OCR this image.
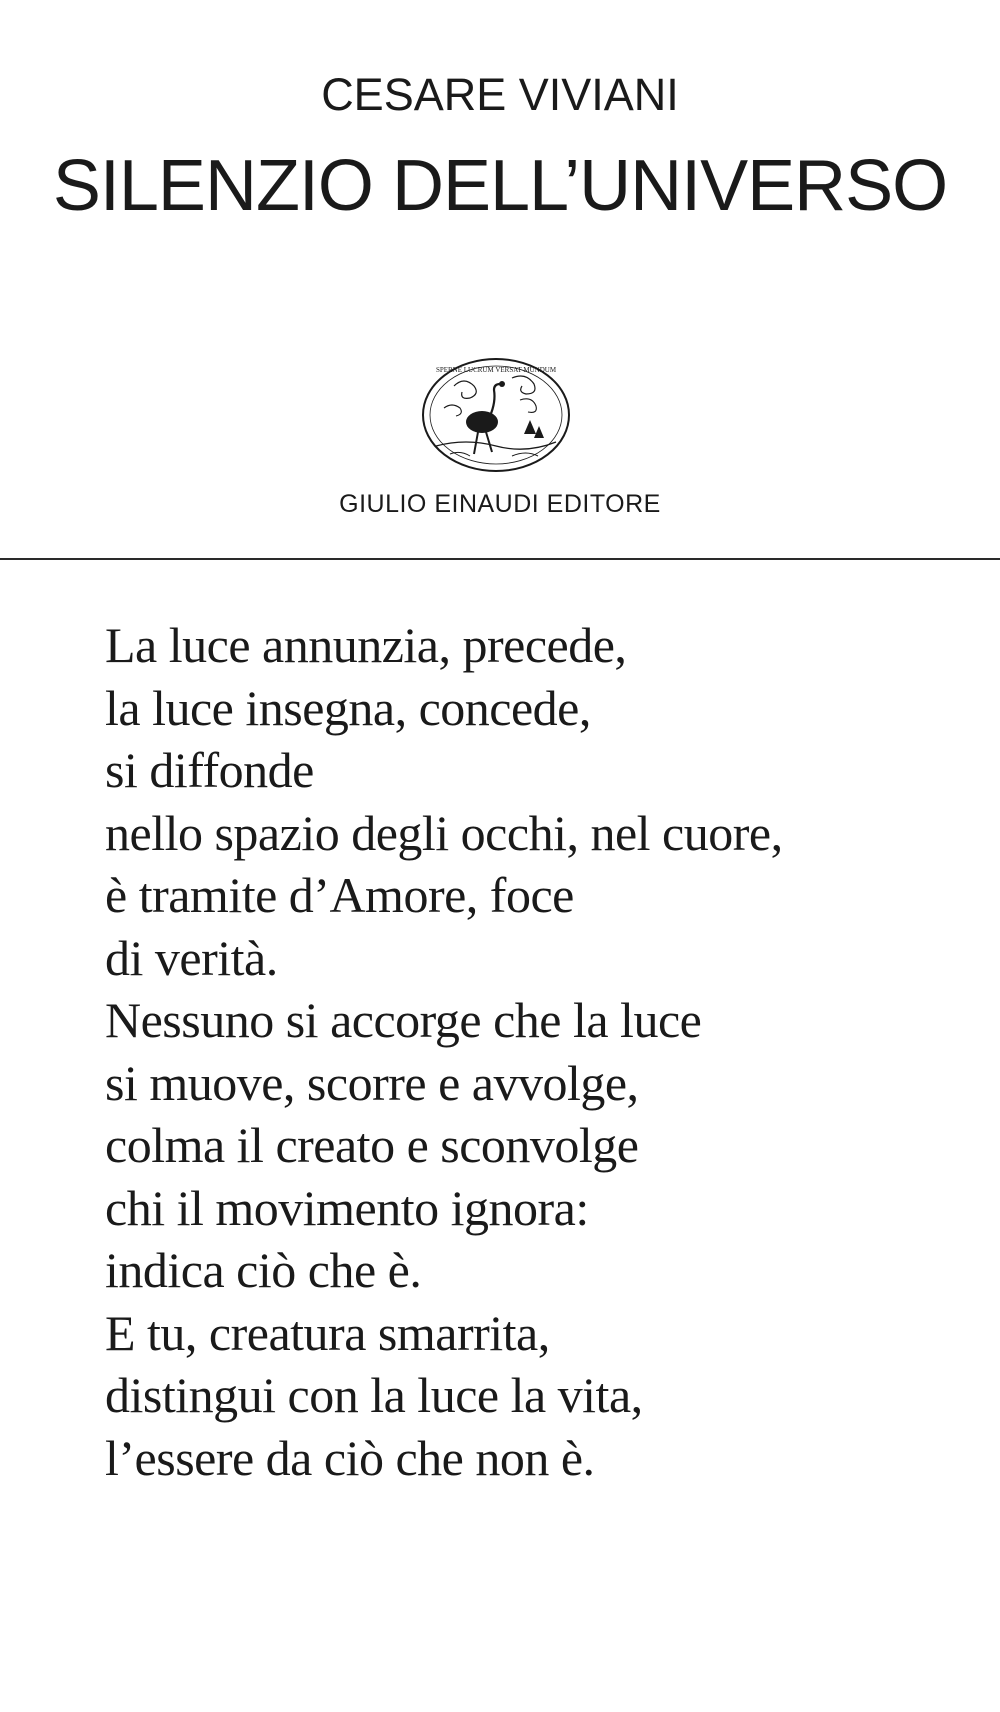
CESARE VIVIANI
SILENZIO DELL’UNIVERSO
SPERNE LUCRUM VERSAT MUNDUM
GIULIO EINAUDI EDITORE
La luce annunzia, precede,
la luce insegna, concede,
si diffonde
nello spazio degli occhi, nel cuore,
è tramite d’Amore, foce
di verità.
Nessuno si accorge che la luce
si muove, scorre e avvolge,
colma il creato e sconvolge
chi il movimento ignora:
indica ciò che è.
E tu, creatura smarrita,
distingui con la luce la vita,
l’essere da ciò che non è.
